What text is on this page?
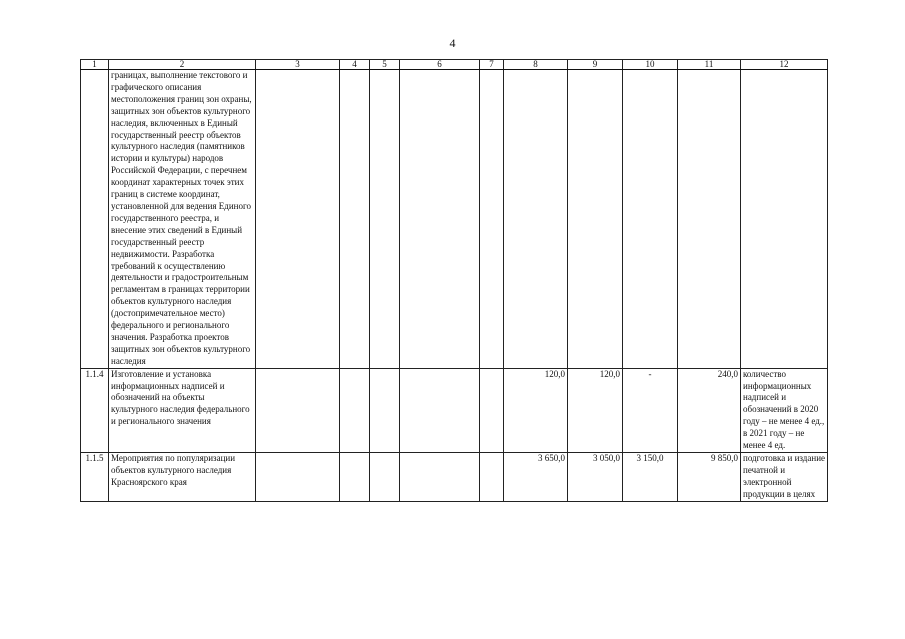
4
1	2	3	4	5	6	7	8	9	10	11	12
	границах, выполнение текстового и графического описания местоположения границ зон охраны, защитных зон объектов культурного наследия, включенных в Единый государственный реестр объектов культурного наследия (памятников истории и культуры) народов Российской Федерации, с перечнем координат характерных точек этих границ в системе координат, установленной для ведения Единого государственного реестра, и внесение этих сведений в Единый государственный реестр недвижимости. Разработка требований к осуществлению деятельности и градостроительным регламентам в границах территории объектов культурного наследия (достопримечательное место) федерального и регионального значения. Разработка проектов защитных зон объектов культурного наследия										
1.1.4	Изготовление и установка информационных надписей и обозначений на объекты культурного наследия федерального и регионального значения						120,0	120,0	-	240,0	количество информационных надписей и обозначений в 2020 году – не менее 4 ед., в 2021 году – не менее 4 ед.
1.1.5	Мероприятия по популяризации объектов культурного наследия Красноярского края						3 650,0	3 050,0	3 150,0	9 850,0	подготовка и издание печатной и электронной продукции в целях
